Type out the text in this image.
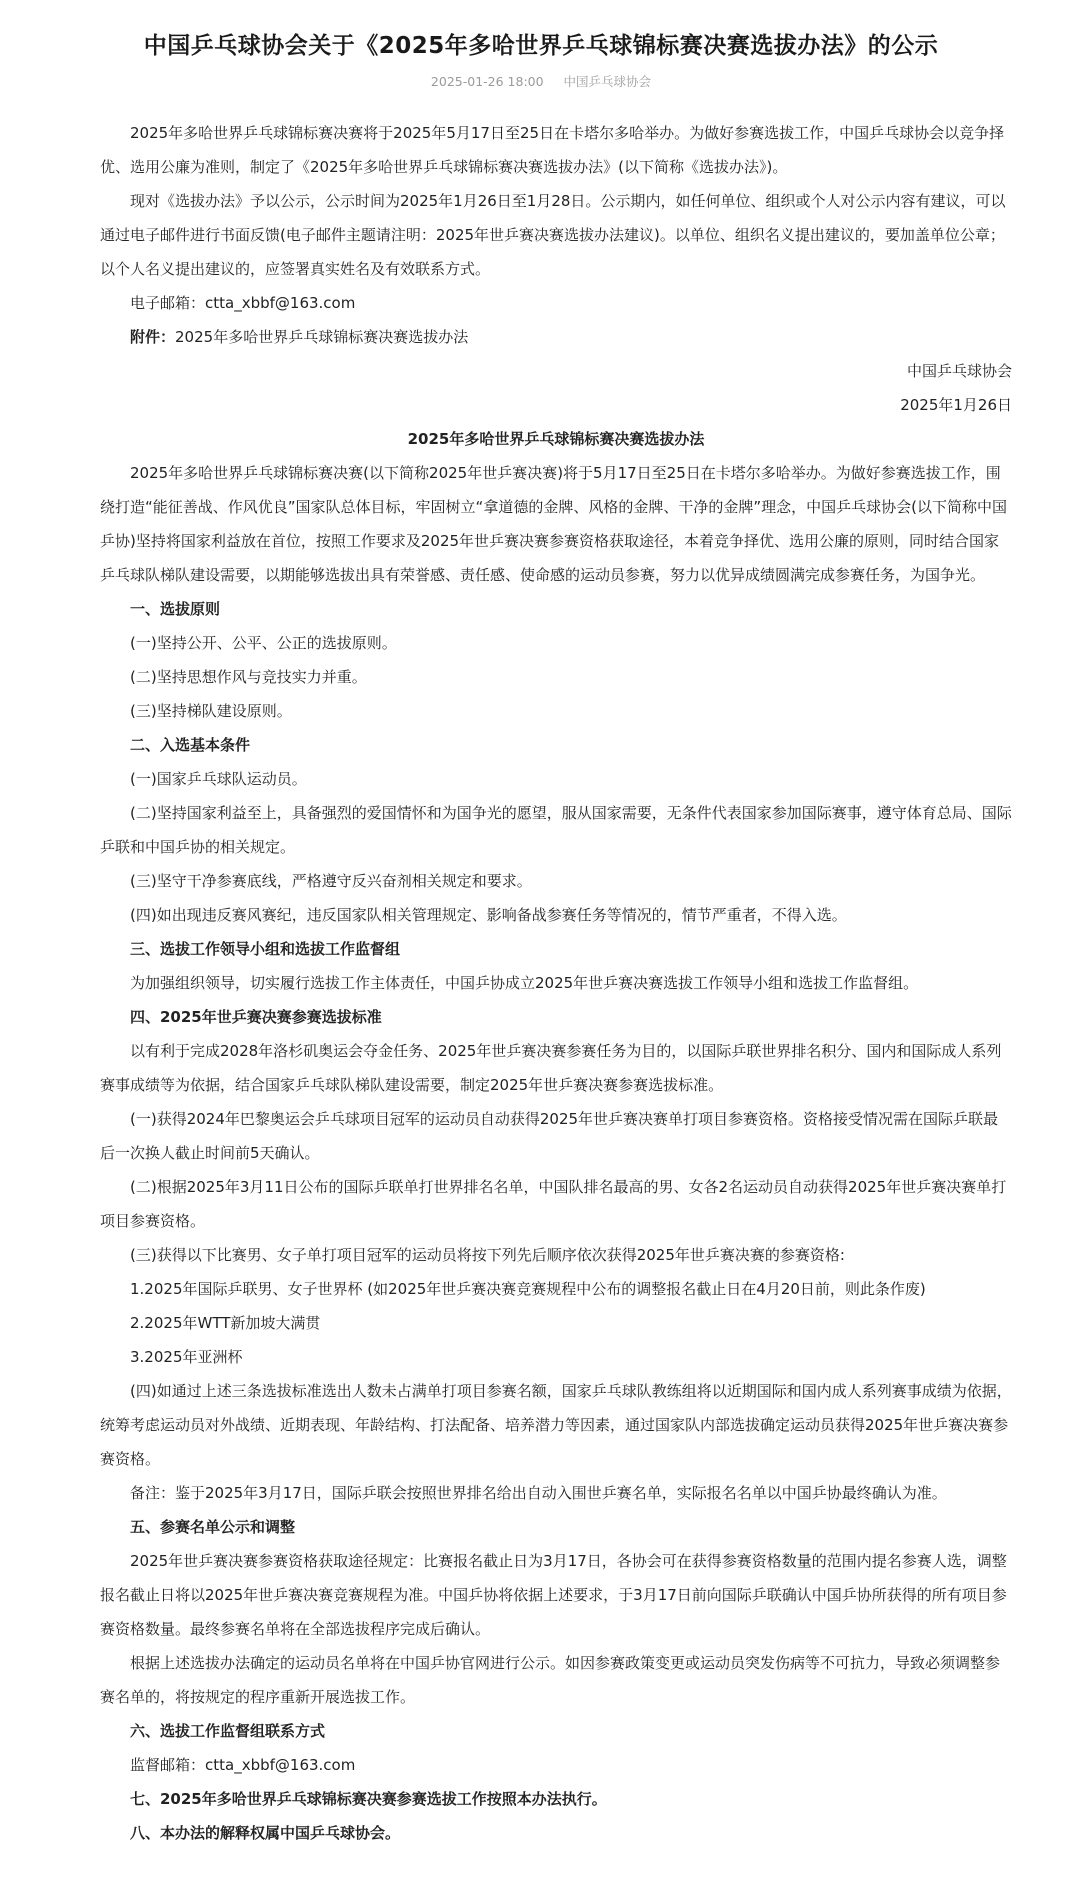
中国乒乓球协会关于《2025年多哈世界乒乓球锦标赛决赛选拔办法》的公示
2025-01-26 18:00 中国乒乓球协会

2025年多哈世界乒乓球锦标赛决赛将于2025年5月17日至25日在卡塔尔多哈举办。为做好参赛选拔工作，中国乒乓球协会以竞争择优、选用公廉为准则，制定了《2025年多哈世界乒乓球锦标赛决赛选拔办法》(以下简称《选拔办法》)。

现对《选拔办法》予以公示，公示时间为2025年1月26日至1月28日。公示期内，如任何单位、组织或个人对公示内容有建议，可以通过电子邮件进行书面反馈(电子邮件主题请注明：2025年世乒赛决赛选拔办法建议)。以单位、组织名义提出建议的，要加盖单位公章；以个人名义提出建议的，应签署真实姓名及有效联系方式。

电子邮箱：ctta_xbbf@163.com

附件：2025年多哈世界乒乓球锦标赛决赛选拔办法

中国乒乓球协会

2025年1月26日

2025年多哈世界乒乓球锦标赛决赛选拔办法

2025年多哈世界乒乓球锦标赛决赛(以下简称2025年世乒赛决赛)将于5月17日至25日在卡塔尔多哈举办。为做好参赛选拔工作，围绕打造“能征善战、作风优良”国家队总体目标，牢固树立“拿道德的金牌、风格的金牌、干净的金牌”理念，中国乒乓球协会(以下简称中国乒协)坚持将国家利益放在首位，按照工作要求及2025年世乒赛决赛参赛资格获取途径，本着竞争择优、选用公廉的原则，同时结合国家乒乓球队梯队建设需要，以期能够选拔出具有荣誉感、责任感、使命感的运动员参赛，努力以优异成绩圆满完成参赛任务，为国争光。

一、选拔原则

(一)坚持公开、公平、公正的选拔原则。

(二)坚持思想作风与竞技实力并重。

(三)坚持梯队建设原则。

二、入选基本条件

(一)国家乒乓球队运动员。

(二)坚持国家利益至上，具备强烈的爱国情怀和为国争光的愿望，服从国家需要，无条件代表国家参加国际赛事，遵守体育总局、国际乒联和中国乒协的相关规定。

(三)坚守干净参赛底线，严格遵守反兴奋剂相关规定和要求。

(四)如出现违反赛风赛纪，违反国家队相关管理规定、影响备战参赛任务等情况的，情节严重者，不得入选。

三、选拔工作领导小组和选拔工作监督组

为加强组织领导，切实履行选拔工作主体责任，中国乒协成立2025年世乒赛决赛选拔工作领导小组和选拔工作监督组。

四、2025年世乒赛决赛参赛选拔标准

以有利于完成2028年洛杉矶奥运会夺金任务、2025年世乒赛决赛参赛任务为目的，以国际乒联世界排名积分、国内和国际成人系列赛事成绩等为依据，结合国家乒乓球队梯队建设需要，制定2025年世乒赛决赛参赛选拔标准。

(一)获得2024年巴黎奥运会乒乓球项目冠军的运动员自动获得2025年世乒赛决赛单打项目参赛资格。资格接受情况需在国际乒联最后一次换人截止时间前5天确认。

(二)根据2025年3月11日公布的国际乒联单打世界排名名单，中国队排名最高的男、女各2名运动员自动获得2025年世乒赛决赛单打项目参赛资格。

(三)获得以下比赛男、女子单打项目冠军的运动员将按下列先后顺序依次获得2025年世乒赛决赛的参赛资格:

1.2025年国际乒联男、女子世界杯 (如2025年世乒赛决赛竞赛规程中公布的调整报名截止日在4月20日前，则此条作废)

2.2025年WTT新加坡大满贯

3.2025年亚洲杯

(四)如通过上述三条选拔标准选出人数未占满单打项目参赛名额，国家乒乓球队教练组将以近期国际和国内成人系列赛事成绩为依据，统筹考虑运动员对外战绩、近期表现、年龄结构、打法配备、培养潜力等因素，通过国家队内部选拔确定运动员获得2025年世乒赛决赛参赛资格。

备注：鉴于2025年3月17日，国际乒联会按照世界排名给出自动入围世乒赛名单，实际报名名单以中国乒协最终确认为准。

五、参赛名单公示和调整

2025年世乒赛决赛参赛资格获取途径规定：比赛报名截止日为3月17日，各协会可在获得参赛资格数量的范围内提名参赛人选，调整报名截止日将以2025年世乒赛决赛竞赛规程为准。中国乒协将依据上述要求，于3月17日前向国际乒联确认中国乒协所获得的所有项目参赛资格数量。最终参赛名单将在全部选拔程序完成后确认。

根据上述选拔办法确定的运动员名单将在中国乒协官网进行公示。如因参赛政策变更或运动员突发伤病等不可抗力，导致必须调整参赛名单的，将按规定的程序重新开展选拔工作。

六、选拔工作监督组联系方式

监督邮箱：ctta_xbbf@163.com

七、2025年多哈世界乒乓球锦标赛决赛参赛选拔工作按照本办法执行。

八、本办法的解释权属中国乒乓球协会。
